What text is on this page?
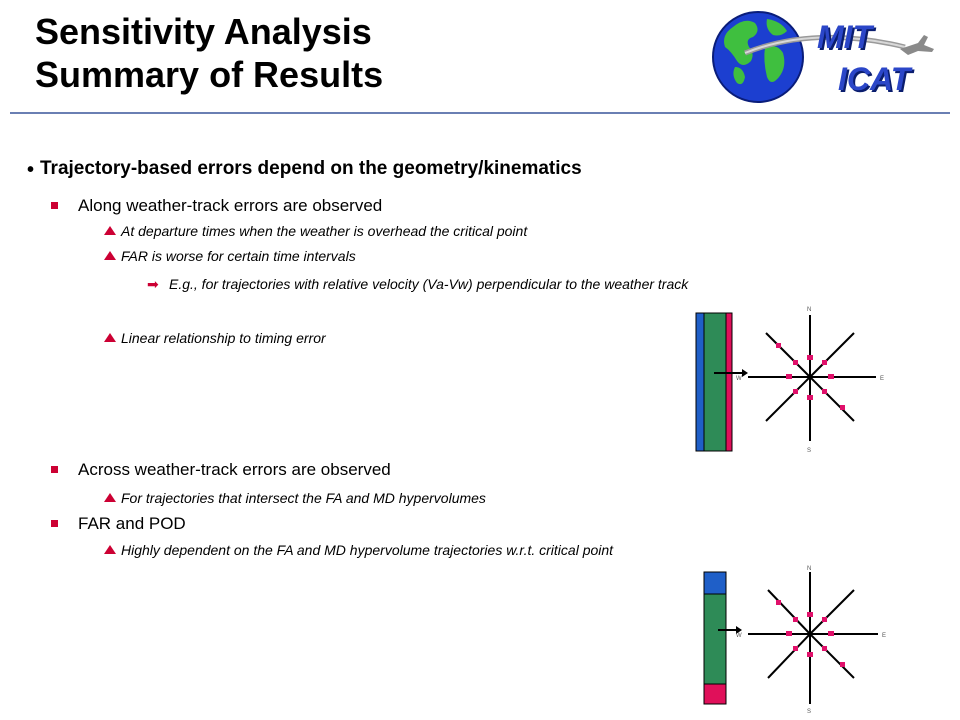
Sensitivity Analysis
Summary of Results
MIT
ICAT
• Trajectory-based errors depend on the geometry/kinematics
Along weather-track errors are observed
At departure times when the weather is overhead the critical point
FAR is worse for certain time intervals
➡ E.g., for trajectories with relative velocity (Va-Vw) perpendicular to the weather track
Linear relationship to timing error
Across weather-track errors are observed
For trajectories that intersect the FA and MD hypervolumes
FAR and POD
Highly dependent on the FA and MD hypervolume trajectories w.r.t. critical point
N
S
E
W
N
S
E
W
